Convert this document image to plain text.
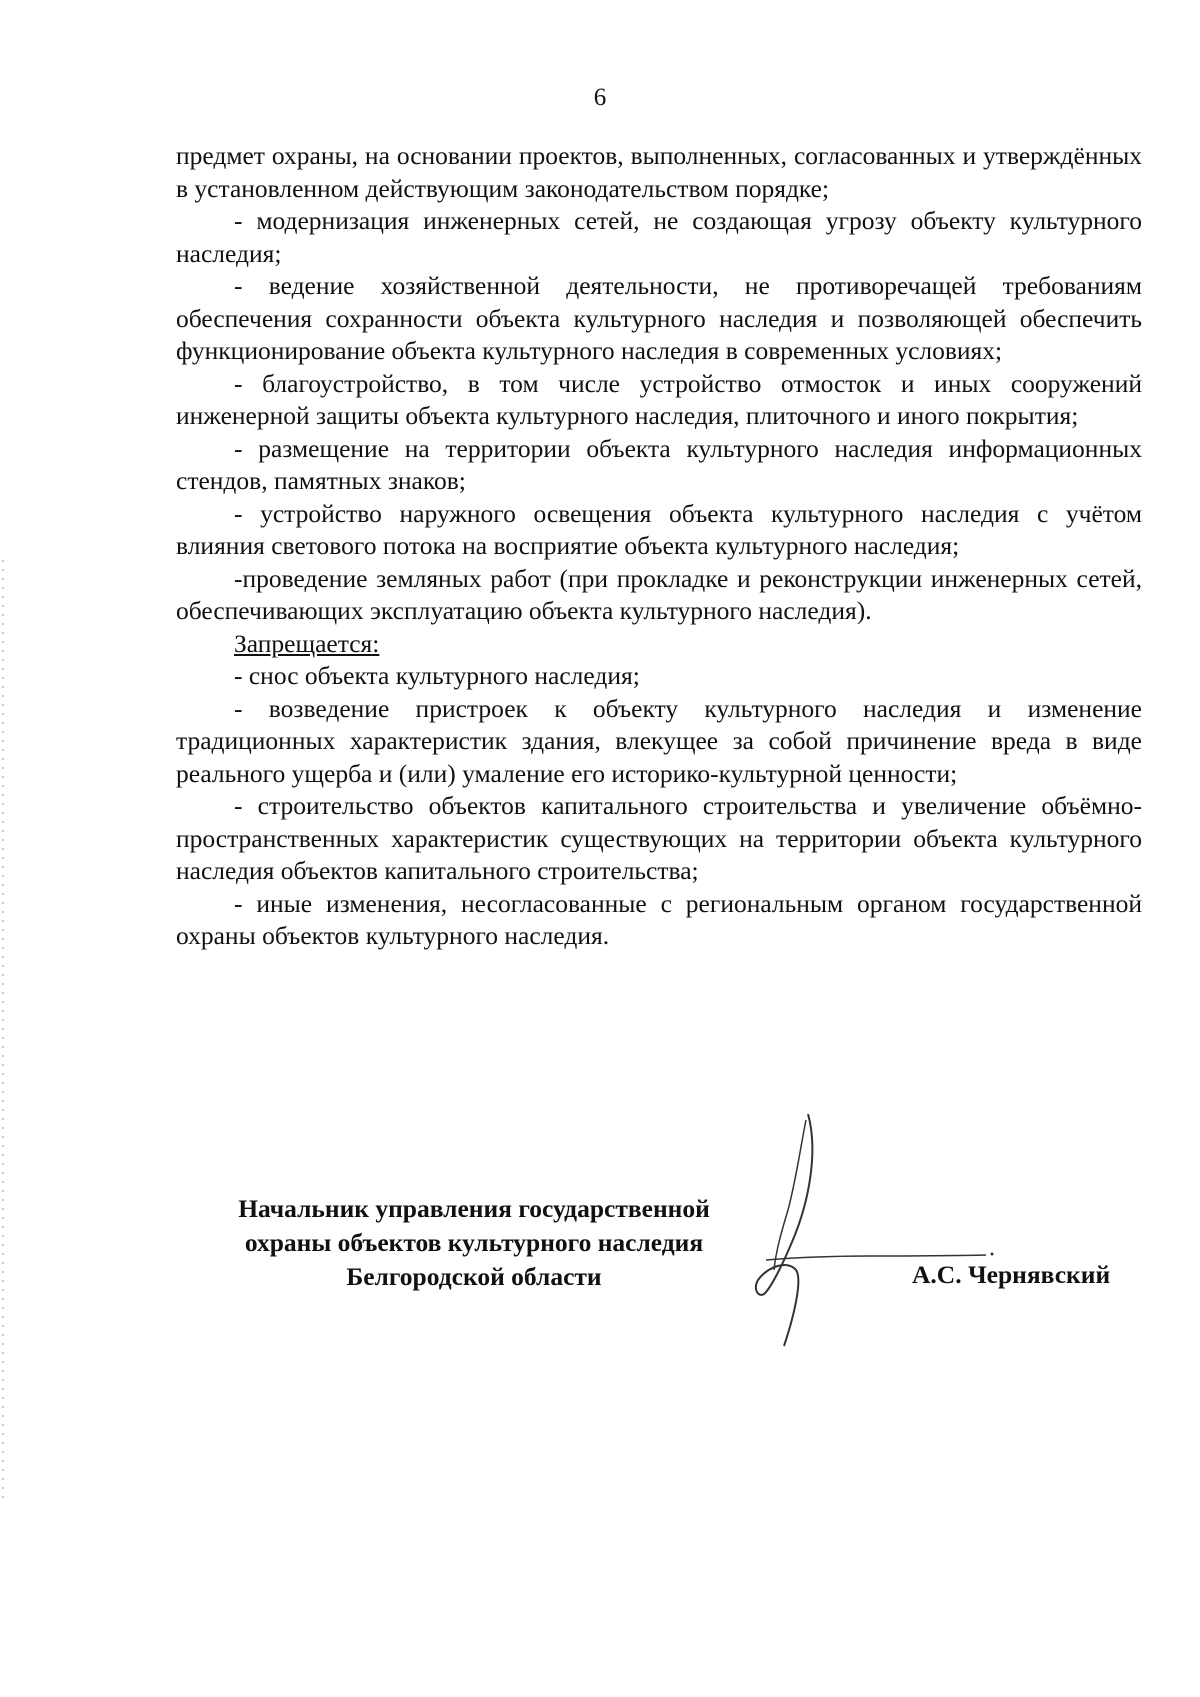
6

предмет охраны, на основании проектов, выполненных, согласованных и утверждённых в установленном действующим законодательством порядке;

- модернизация инженерных сетей, не создающая угрозу объекту культурного наследия;

- ведение хозяйственной деятельности, не противоречащей требованиям обеспечения сохранности объекта культурного наследия и позволяющей обеспечить функционирование объекта культурного наследия в современных условиях;

- благоустройство, в том числе устройство отмосток и иных сооружений инженерной защиты объекта культурного наследия, плиточного и иного покрытия;

- размещение на территории объекта культурного наследия информационных стендов, памятных знаков;

- устройство наружного освещения объекта культурного наследия с учётом влияния светового потока на восприятие объекта культурного наследия;

-проведение земляных работ (при прокладке и реконструкции инженерных сетей, обеспечивающих эксплуатацию объекта культурного наследия).

Запрещается:

- снос объекта культурного наследия;

- возведение пристроек к объекту культурного наследия и изменение традиционных характеристик здания, влекущее за собой причинение вреда в виде реального ущерба и (или) умаление его историко-культурной ценности;

- строительство объектов капитального строительства и увеличение объёмно-пространственных характеристик существующих на территории объекта культурного наследия объектов капитального строительства;

- иные изменения, несогласованные с региональным органом государственной охраны объектов культурного наследия.

Начальник управления государственной
охраны объектов культурного наследия
Белгородской области	А.С. Чернявский
